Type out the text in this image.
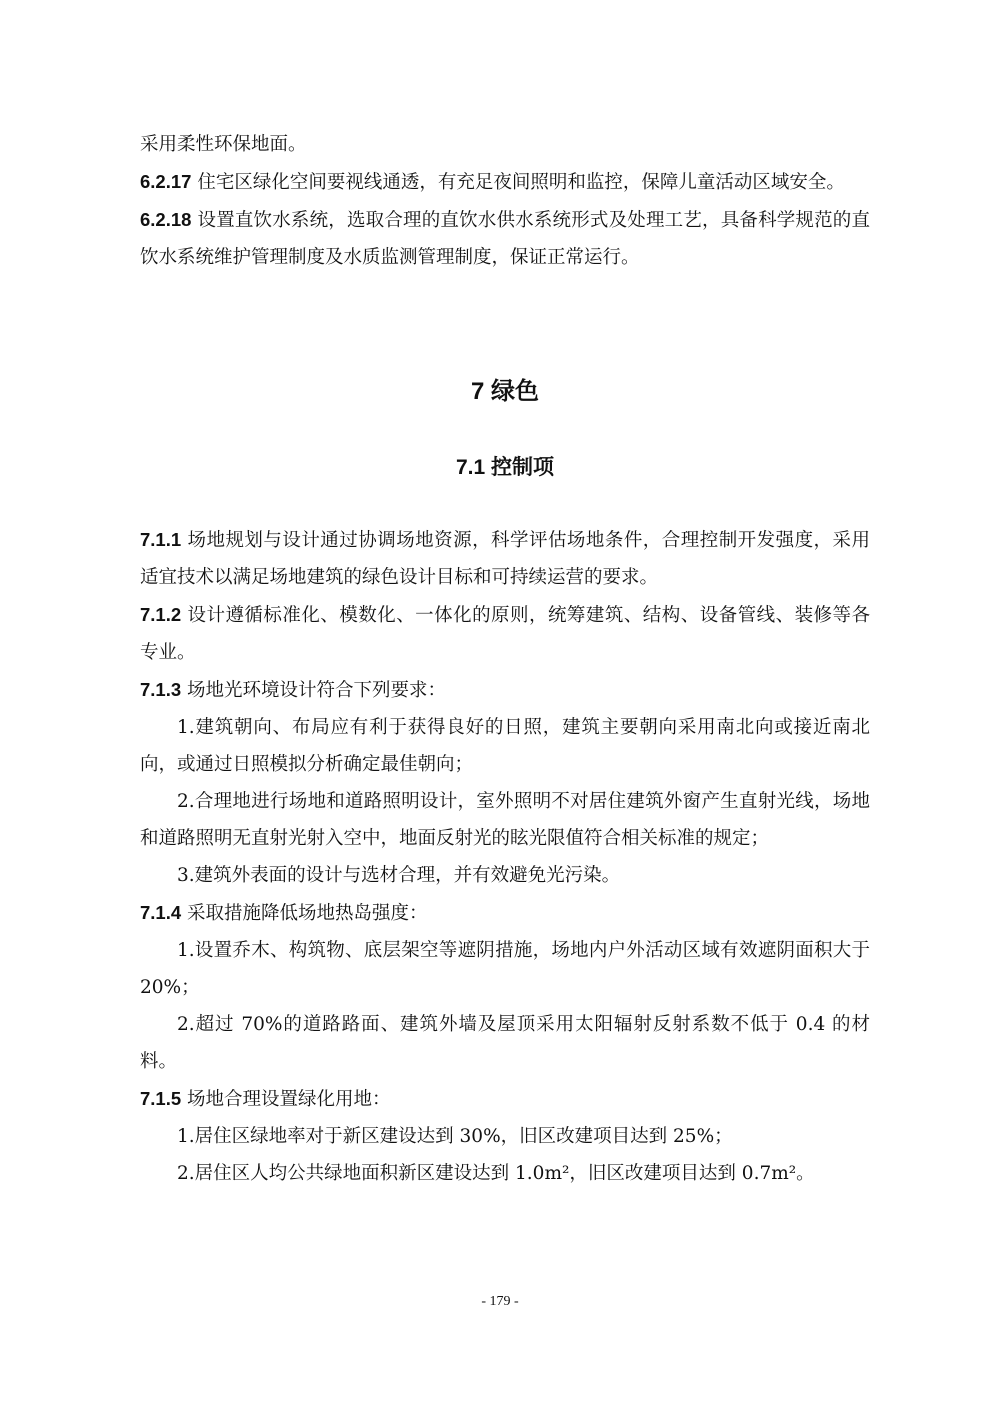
采用柔性环保地面。

6.2.17 住宅区绿化空间要视线通透，有充足夜间照明和监控，保障儿童活动区域安全。

6.2.18 设置直饮水系统，选取合理的直饮水供水系统形式及处理工艺，具备科学规范的直饮水系统维护管理制度及水质监测管理制度，保证正常运行。

7 绿色
7.1 控制项

7.1.1 场地规划与设计通过协调场地资源，科学评估场地条件，合理控制开发强度，采用适宜技术以满足场地建筑的绿色设计目标和可持续运营的要求。

7.1.2 设计遵循标准化、模数化、一体化的原则，统筹建筑、结构、设备管线、装修等各专业。

7.1.3 场地光环境设计符合下列要求：

1.建筑朝向、布局应有利于获得良好的日照，建筑主要朝向采用南北向或接近南北向，或通过日照模拟分析确定最佳朝向；

2.合理地进行场地和道路照明设计，室外照明不对居住建筑外窗产生直射光线，场地和道路照明无直射光射入空中，地面反射光的眩光限值符合相关标准的规定；

3.建筑外表面的设计与选材合理，并有效避免光污染。

7.1.4 采取措施降低场地热岛强度：

1.设置乔木、构筑物、底层架空等遮阴措施，场地内户外活动区域有效遮阴面积大于 20%；

2.超过 70%的道路路面、建筑外墙及屋顶采用太阳辐射反射系数不低于 0.4 的材料。

7.1.5 场地合理设置绿化用地：

1.居住区绿地率对于新区建设达到 30%，旧区改建项目达到 25%；

2.居住区人均公共绿地面积新区建设达到 1.0m²，旧区改建项目达到 0.7m²。

- 179 -
